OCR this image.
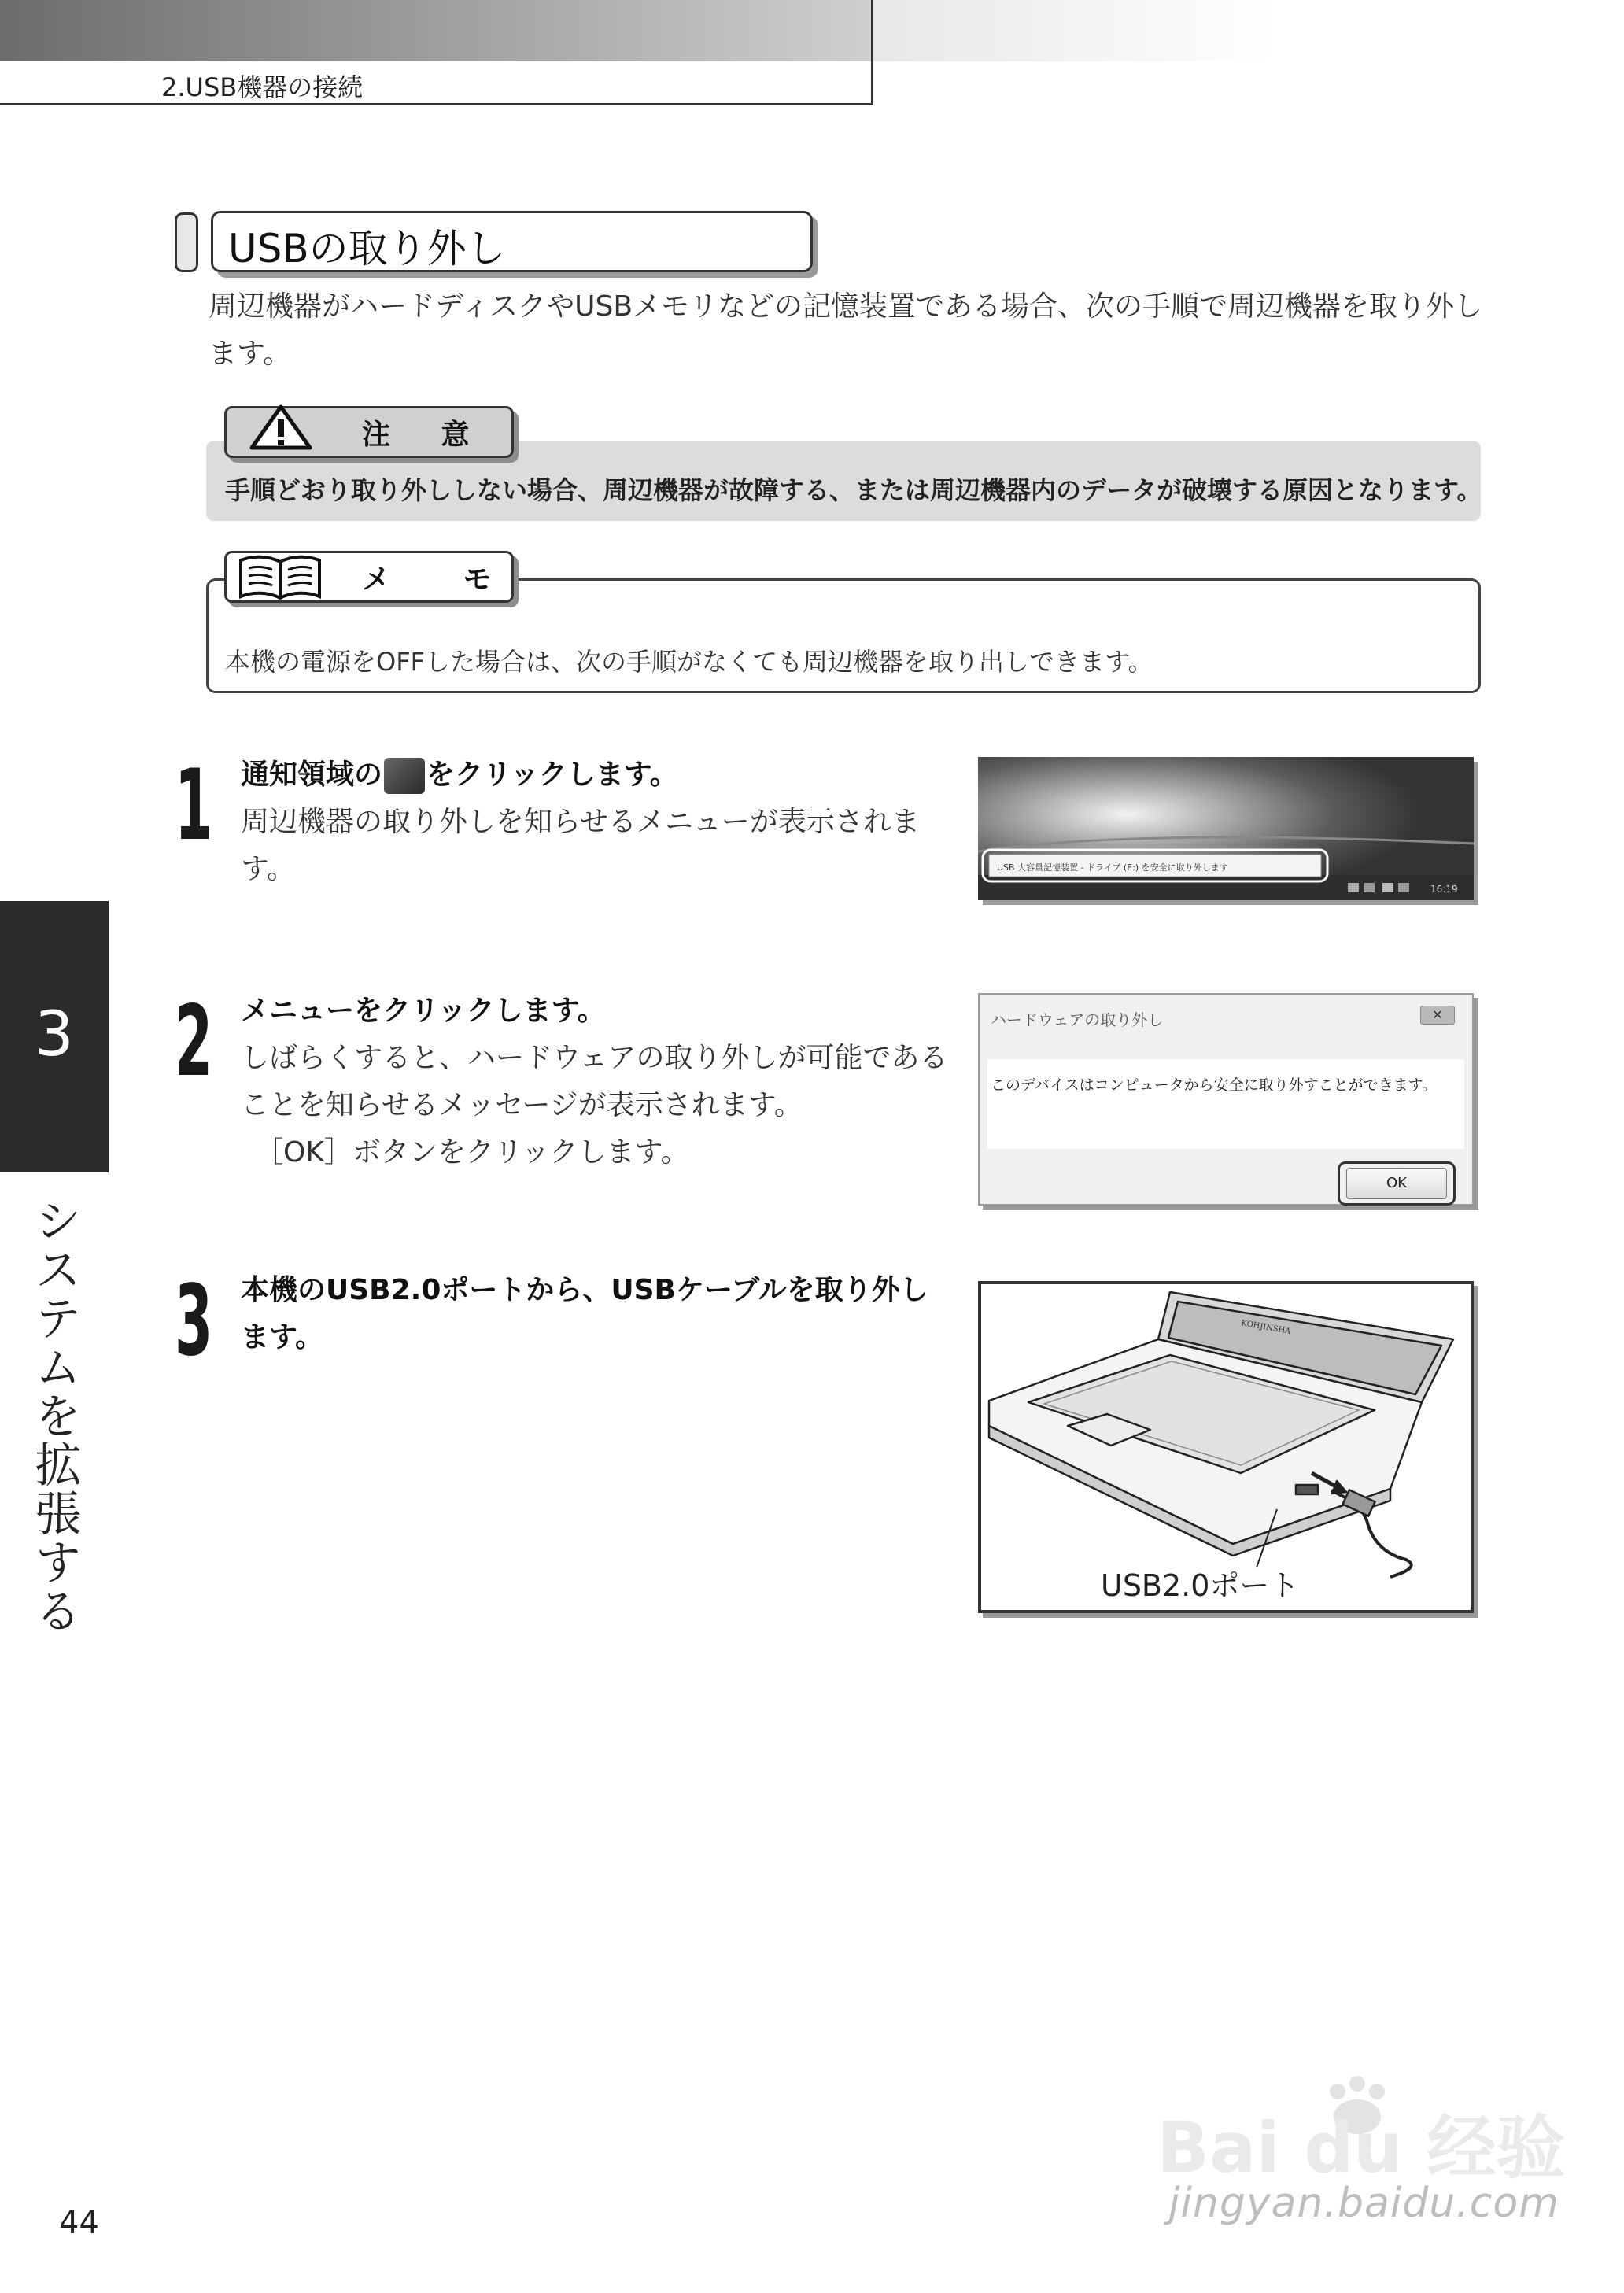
2.USB機器の接続
3
システムを拡張する
USBの取り外し
周辺機器がハードディスクやUSBメモリなどの記憶装置である場合、次の手順で周辺機器を取り外します。
注 意
手順どおり取り外ししない場合、周辺機器が故障する、または周辺機器内のデータが破壊する原因となります。
メ モ
本機の電源をOFFした場合は、次の手順がなくても周辺機器を取り出しできます。
1 通知領域の をクリックします。
周辺機器の取り外しを知らせるメニューが表示されます。	USB 大容量記憶装置 - ドライブ (E:) を安全に取り外します
16:19
2 メニューをクリックします。
しばらくすると、ハードウェアの取り外しが可能であることを知らせるメッセージが表示されます。
［OK］ボタンをクリックします。
ハードウェアの取り外し	✕
このデバイスはコンピュータから安全に取り外すことができます。
OK
3 本機のUSB2.0ポートから、USBケーブルを取り外します。	KOHJINSHA
USB2.0ポート
44
Bai du 经验
jingyan.baidu.com
